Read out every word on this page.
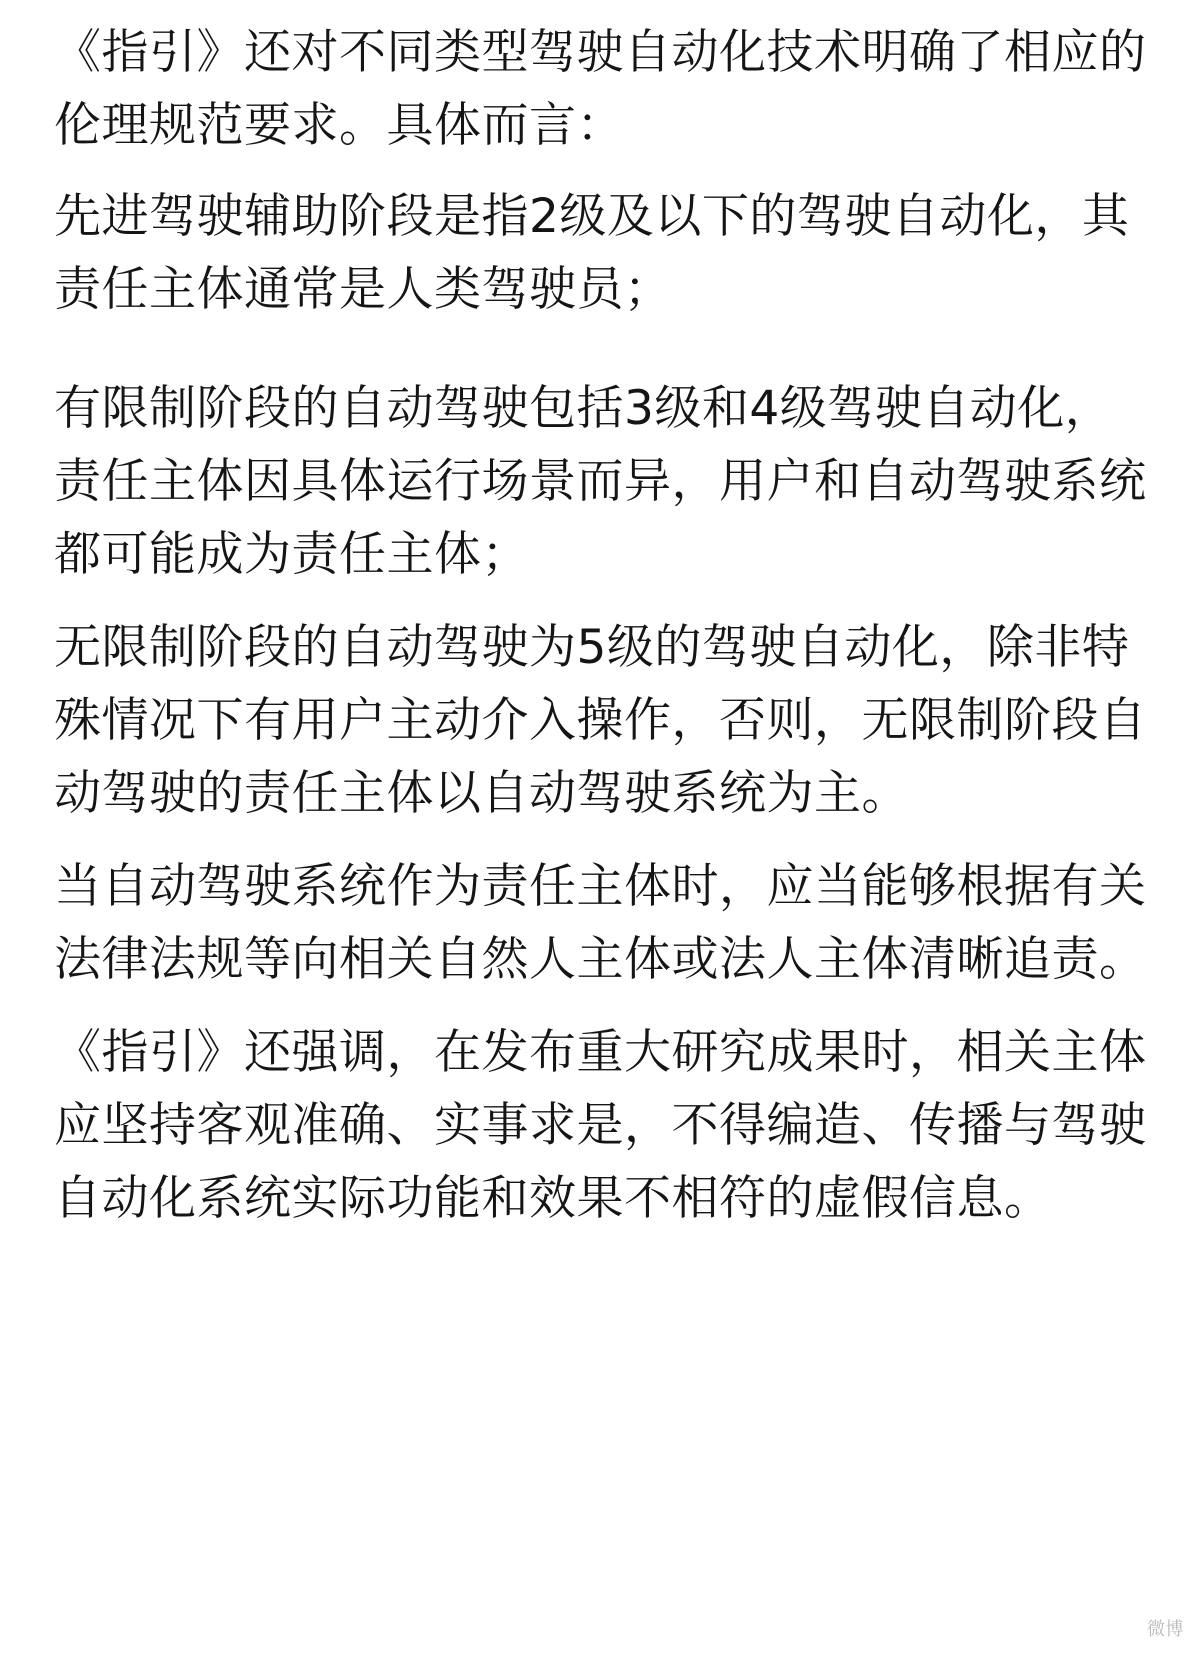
《指引》还对不同类型驾驶自动化技术明确了相应的伦理规范要求。具体而言：

先进驾驶辅助阶段是指2级及以下的驾驶自动化，其责任主体通常是人类驾驶员；

有限制阶段的自动驾驶包括3级和4级驾驶自动化，责任主体因具体运行场景而异，用户和自动驾驶系统都可能成为责任主体；

无限制阶段的自动驾驶为5级的驾驶自动化，除非特殊情况下有用户主动介入操作，否则，无限制阶段自动驾驶的责任主体以自动驾驶系统为主。

当自动驾驶系统作为责任主体时，应当能够根据有关法律法规等向相关自然人主体或法人主体清晰追责。

《指引》还强调，在发布重大研究成果时，相关主体应坚持客观准确、实事求是，不得编造、传播与驾驶自动化系统实际功能和效果不相符的虚假信息。

微博
